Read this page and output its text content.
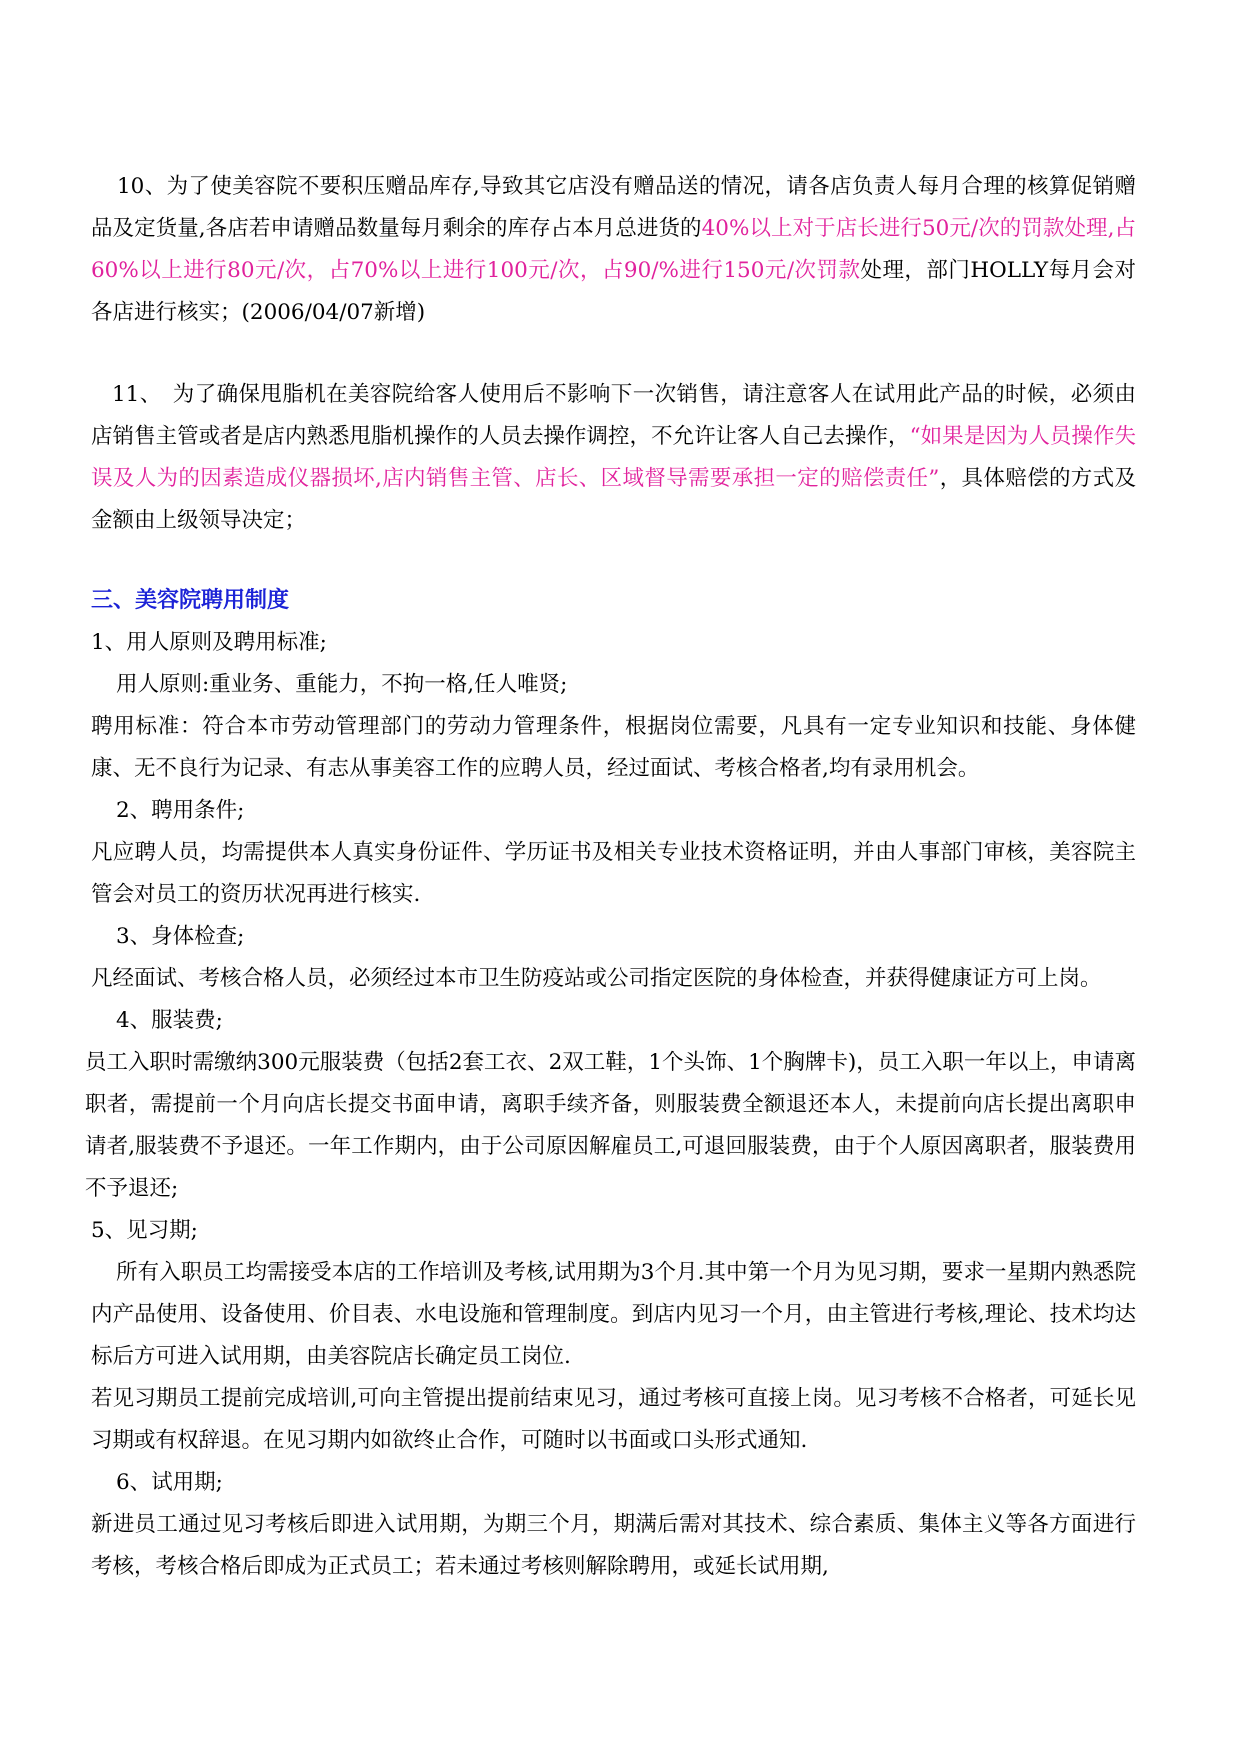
10、为了使美容院不要积压赠品库存,导致其它店没有赠品送的情况，请各店负责人每月合理的核算促销赠品及定货量,各店若申请赠品数量每月剩余的库存占本月总进货的40%以上对于店长进行50元/次的罚款处理,占60%以上进行80元/次，占70%以上进行100元/次，占90/%进行150元/次罚款处理，部门HOLLY每月会对各店进行核实；(2006/04/07新增)

11、　为了确保甩脂机在美容院给客人使用后不影响下一次销售，请注意客人在试用此产品的时候，必须由店销售主管或者是店内熟悉甩脂机操作的人员去操作调控，不允许让客人自己去操作，“如果是因为人员操作失误及人为的因素造成仪器损坏,店内销售主管、店长、区域督导需要承担一定的赔偿责任”，具体赔偿的方式及金额由上级领导决定；

三、美容院聘用制度

1、用人原则及聘用标准;

用人原则:重业务、重能力，不拘一格,任人唯贤;

聘用标准：符合本市劳动管理部门的劳动力管理条件，根据岗位需要，凡具有一定专业知识和技能、身体健康、无不良行为记录、有志从事美容工作的应聘人员，经过面试、考核合格者,均有录用机会。

2、聘用条件;

凡应聘人员，均需提供本人真实身份证件、学历证书及相关专业技术资格证明，并由人事部门审核，美容院主管会对员工的资历状况再进行核实.

3、身体检查;

凡经面试、考核合格人员，必须经过本市卫生防疫站或公司指定医院的身体检查，并获得健康证方可上岗。

4、服装费;

员工入职时需缴纳300元服装费（包括2套工衣、2双工鞋，1个头饰、1个胸牌卡)，员工入职一年以上，申请离职者，需提前一个月向店长提交书面申请，离职手续齐备，则服装费全额退还本人，未提前向店长提出离职申请者,服装费不予退还。一年工作期内，由于公司原因解雇员工,可退回服装费，由于个人原因离职者，服装费用不予退还;

5、见习期;

所有入职员工均需接受本店的工作培训及考核,试用期为3个月.其中第一个月为见习期，要求一星期内熟悉院内产品使用、设备使用、价目表、水电设施和管理制度。到店内见习一个月，由主管进行考核,理论、技术均达标后方可进入试用期，由美容院店长确定员工岗位.

若见习期员工提前完成培训,可向主管提出提前结束见习，通过考核可直接上岗。见习考核不合格者，可延长见习期或有权辞退。在见习期内如欲终止合作，可随时以书面或口头形式通知.

6、试用期;

新进员工通过见习考核后即进入试用期，为期三个月，期满后需对其技术、综合素质、集体主义等各方面进行考核，考核合格后即成为正式员工；若未通过考核则解除聘用，或延长试用期,
